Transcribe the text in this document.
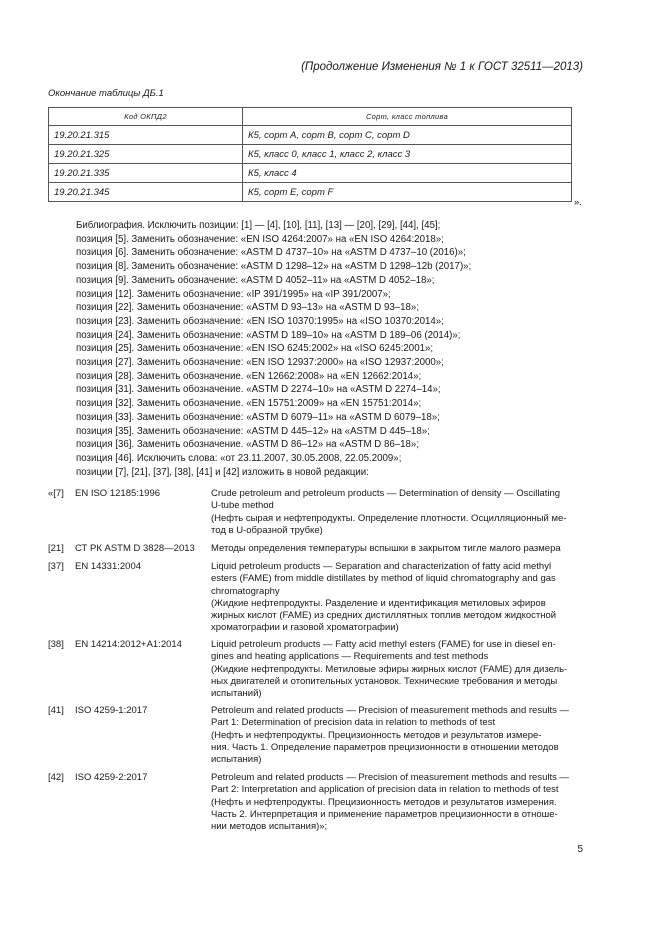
(Продолжение Изменения № 1 к ГОСТ 32511—2013)
Окончание таблицы ДБ.1
Код ОКПД2	Сорт, класс топлива
19.20.21.315	К5, сорт А, сорт В, сорт С, сорт D
19.20.21.325	К5, класс 0, класс 1, класс 2, класс 3
19.20.21.335	К5, класс 4
19.20.21.345	К5, сорт Е, сорт F
».
Библиография. Исключить позиции: [1] — [4], [10], [11], [13] — [20], [29], [44], [45];
позиция [5]. Заменить обозначение: «EN ISO 4264:2007» на «EN ISO 4264:2018»;
позиция [6]. Заменить обозначение: «ASTM D 4737–10» на «ASTM D 4737–10 (2016)»;
позиция [8]. Заменить обозначение: «ASTM D 1298–12» на «ASTM D 1298–12b (2017)»;
позиция [9]. Заменить обозначение: «ASTM D 4052–11» на «ASTM D 4052–18»;
позиция [12]. Заменить обозначение: «IP 391/1995» на «IP 391/2007»;
позиция [22]. Заменить обозначение: «ASTM D 93–13» на «ASTM D 93–18»;
позиция [23]. Заменить обозначение: «EN ISO 10370:1995» на «ISO 10370:2014»;
позиция [24]. Заменить обозначение: «ASTM D 189–10» на «ASTM D 189–06 (2014)»;
позиция [25]. Заменить обозначение: «EN ISO 6245:2002» на «ISO 6245:2001»;
позиция [27]. Заменить обозначение: «EN ISO 12937:2000» на «ISO 12937:2000»;
позиция [28]. Заменить обозначение. «EN 12662:2008» на «EN 12662:2014»;
позиция [31]. Заменить обозначение. «ASTM D 2274–10» на «ASTM D 2274–14»;
позиция [32]. Заменить обозначение. «EN 15751:2009» на «EN 15751:2014»;
позиция [33]. Заменить обозначение: «ASTM D 6079–11» на «ASTM D 6079–18»;
позиция [35]. Заменить обозначение: «ASTM D 445–12» на «ASTM D 445–18»;
позиция [36]. Заменить обозначение. «ASTM D 86–12» на «ASTM D 86–18»;
позиция [46]. Исключить слова: «от 23.11.2007, 30.05.2008, 22.05.2009»;
позиции [7], [21], [37], [38], [41] и [42] изложить в новой редакции:
«[7] EN ISO 12185:1996	Crude petroleum and petroleum products — Determination of density — Oscillating
U-tube method
(Нефть сырая и нефтепродукты. Определение плотности. Осцилляционный ме-
тод в U-образной трубке)
[21] СТ РК ASTM D 3828—2013 Методы определения температуры вспышки в закрытом тигле малого размера
[37] EN 14331:2004	Liquid petroleum products — Separation and characterization of fatty acid methyl
esters (FAME) from middle distillates by method of liquid chromatography and gas
chromatography
(Жидкие нефтепродукты. Разделение и идентификация метиловых эфиров
жирных кислот (FAME) из средних дистиллятных топлив методом жидкостной
хроматографии и газовой хроматографии)
[38] EN 14214:2012+A1:2014	Liquid petroleum products — Fatty acid methyl esters (FAME) for use in diesel en-
gines and heating applications — Requirements and test methods
(Жидкие нефтепродукты. Метиловые эфиры жирных кислот (FAME) для дизель-
ных двигателей и отопительных установок. Технические требования и методы
испытаний)
[41] ISO 4259-1:2017	Petroleum and related products — Precision of measurement methods and results —
Part 1: Determination of precision data in relation to methods of test
(Нефть и нефтепродукты. Прецизионность методов и результатов измере-
ния. Часть 1. Определение параметров прецизионности в отношении методов
испытания)
[42] ISO 4259-2:2017	Petroleum and related products — Precision of measurement methods and results —
Part 2: Interpretation and application of precision data in relation to methods of test
(Нефть и нефтепродукты. Прецизионность методов и результатов измерения.
Часть 2. Интерпретация и применение параметров прецизионности в отноше-
нии методов испытания)»;
5
